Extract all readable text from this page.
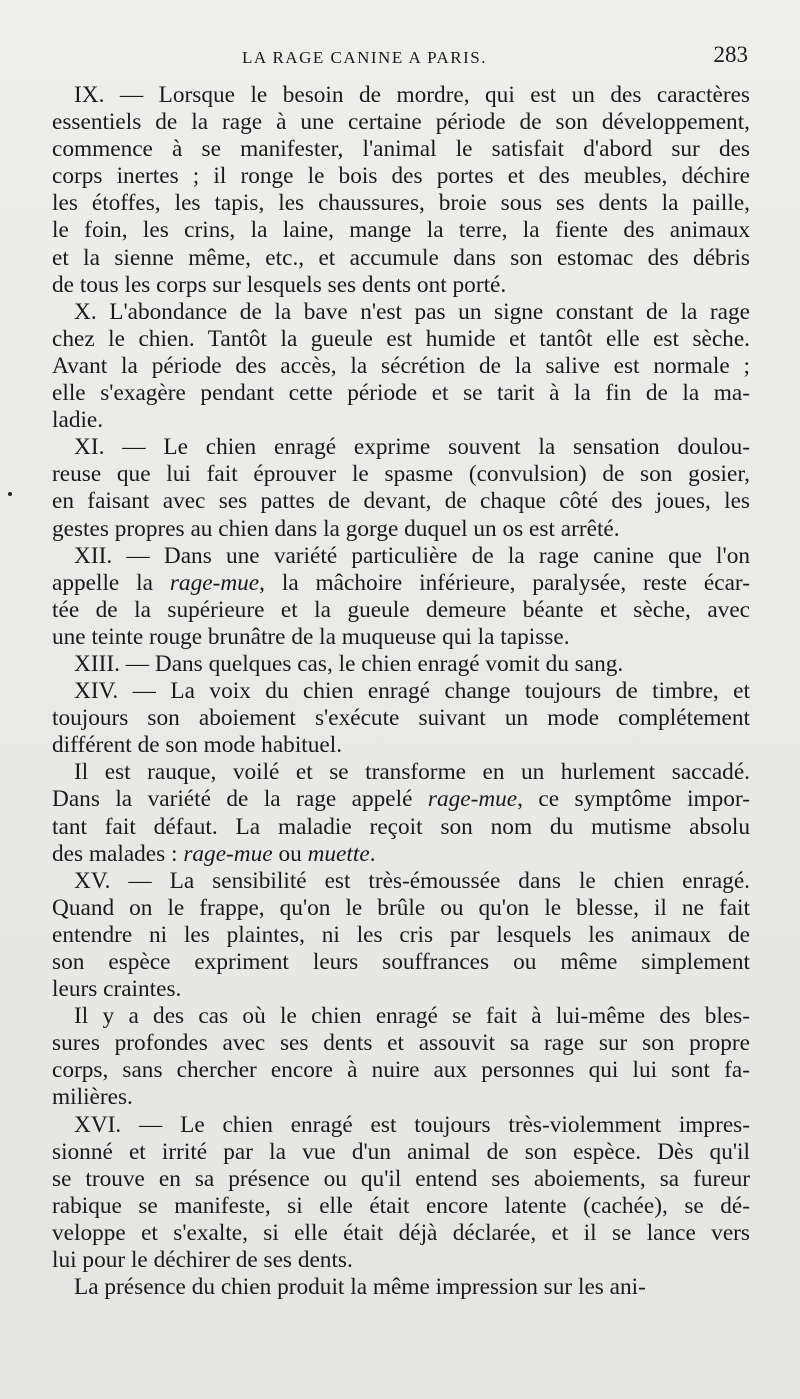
LA RAGE CANINE A PARIS.	283
IX. — Lorsque le besoin de mordre, qui est un des caractères
essentiels de la rage à une certaine période de son développement,
commence à se manifester, l'animal le satisfait d'abord sur des
corps inertes ; il ronge le bois des portes et des meubles, déchire
les étoffes, les tapis, les chaussures, broie sous ses dents la paille,
le foin, les crins, la laine, mange la terre, la fiente des animaux
et la sienne même, etc., et accumule dans son estomac des débris
de tous les corps sur lesquels ses dents ont porté.
X. L'abondance de la bave n'est pas un signe constant de la rage
chez le chien. Tantôt la gueule est humide et tantôt elle est sèche.
Avant la période des accès, la sécrétion de la salive est normale ;
elle s'exagère pendant cette période et se tarit à la fin de la ma-
ladie.
XI. — Le chien enragé exprime souvent la sensation doulou-
reuse que lui fait éprouver le spasme (convulsion) de son gosier,
en faisant avec ses pattes de devant, de chaque côté des joues, les
gestes propres au chien dans la gorge duquel un os est arrêté.
XII. — Dans une variété particulière de la rage canine que l'on
appelle la rage-mue, la mâchoire inférieure, paralysée, reste écar-
tée de la supérieure et la gueule demeure béante et sèche, avec
une teinte rouge brunâtre de la muqueuse qui la tapisse.
XIII. — Dans quelques cas, le chien enragé vomit du sang.
XIV. — La voix du chien enragé change toujours de timbre, et
toujours son aboiement s'exécute suivant un mode complétement
différent de son mode habituel.
Il est rauque, voilé et se transforme en un hurlement saccadé.
Dans la variété de la rage appelé rage-mue, ce symptôme impor-
tant fait défaut. La maladie reçoit son nom du mutisme absolu
des malades : rage-mue ou muette.
XV. — La sensibilité est très-émoussée dans le chien enragé.
Quand on le frappe, qu'on le brûle ou qu'on le blesse, il ne fait
entendre ni les plaintes, ni les cris par lesquels les animaux de
son espèce expriment leurs souffrances ou même simplement
leurs craintes.
Il y a des cas où le chien enragé se fait à lui-même des bles-
sures profondes avec ses dents et assouvit sa rage sur son propre
corps, sans chercher encore à nuire aux personnes qui lui sont fa-
milières.
XVI. — Le chien enragé est toujours très-violemment impres-
sionné et irrité par la vue d'un animal de son espèce. Dès qu'il
se trouve en sa présence ou qu'il entend ses aboiements, sa fureur
rabique se manifeste, si elle était encore latente (cachée), se dé-
veloppe et s'exalte, si elle était déjà déclarée, et il se lance vers
lui pour le déchirer de ses dents.
La présence du chien produit la même impression sur les ani-
